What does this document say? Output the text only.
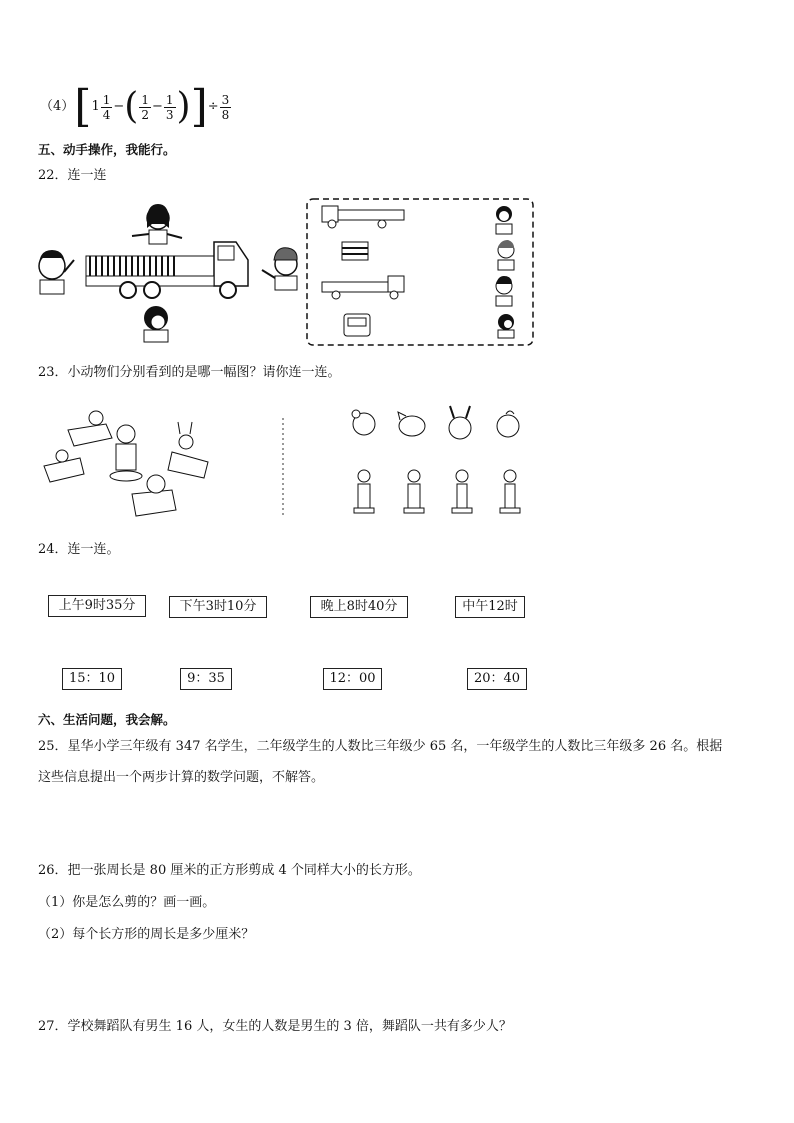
（4） [ $1 \frac{1}{4}$ − ( $\frac{1}{2} - \frac{1}{3}$ ) ] ÷ $\frac{3}{8}$
五、动手操作，我能行。
22．连一连
23．小动物们分别看到的是哪一幅图？请你连一连。
24．连一连。
上午9时35分	下午3时10分	晚上8时40分	中午12时
15：10	9：35	12：00	20：40
六、生活问题，我会解。
25．星华小学三年级有 347 名学生，二年级学生的人数比三年级少 65 名，一年级学生的人数比三年级多 26 名。根据
这些信息提出一个两步计算的数学问题，不解答。
26．把一张周长是 80 厘米的正方形剪成 4 个同样大小的长方形。
（1）你是怎么剪的？画一画。
（2）每个长方形的周长是多少厘米？
27．学校舞蹈队有男生 16 人，女生的人数是男生的 3 倍，舞蹈队一共有多少人？
